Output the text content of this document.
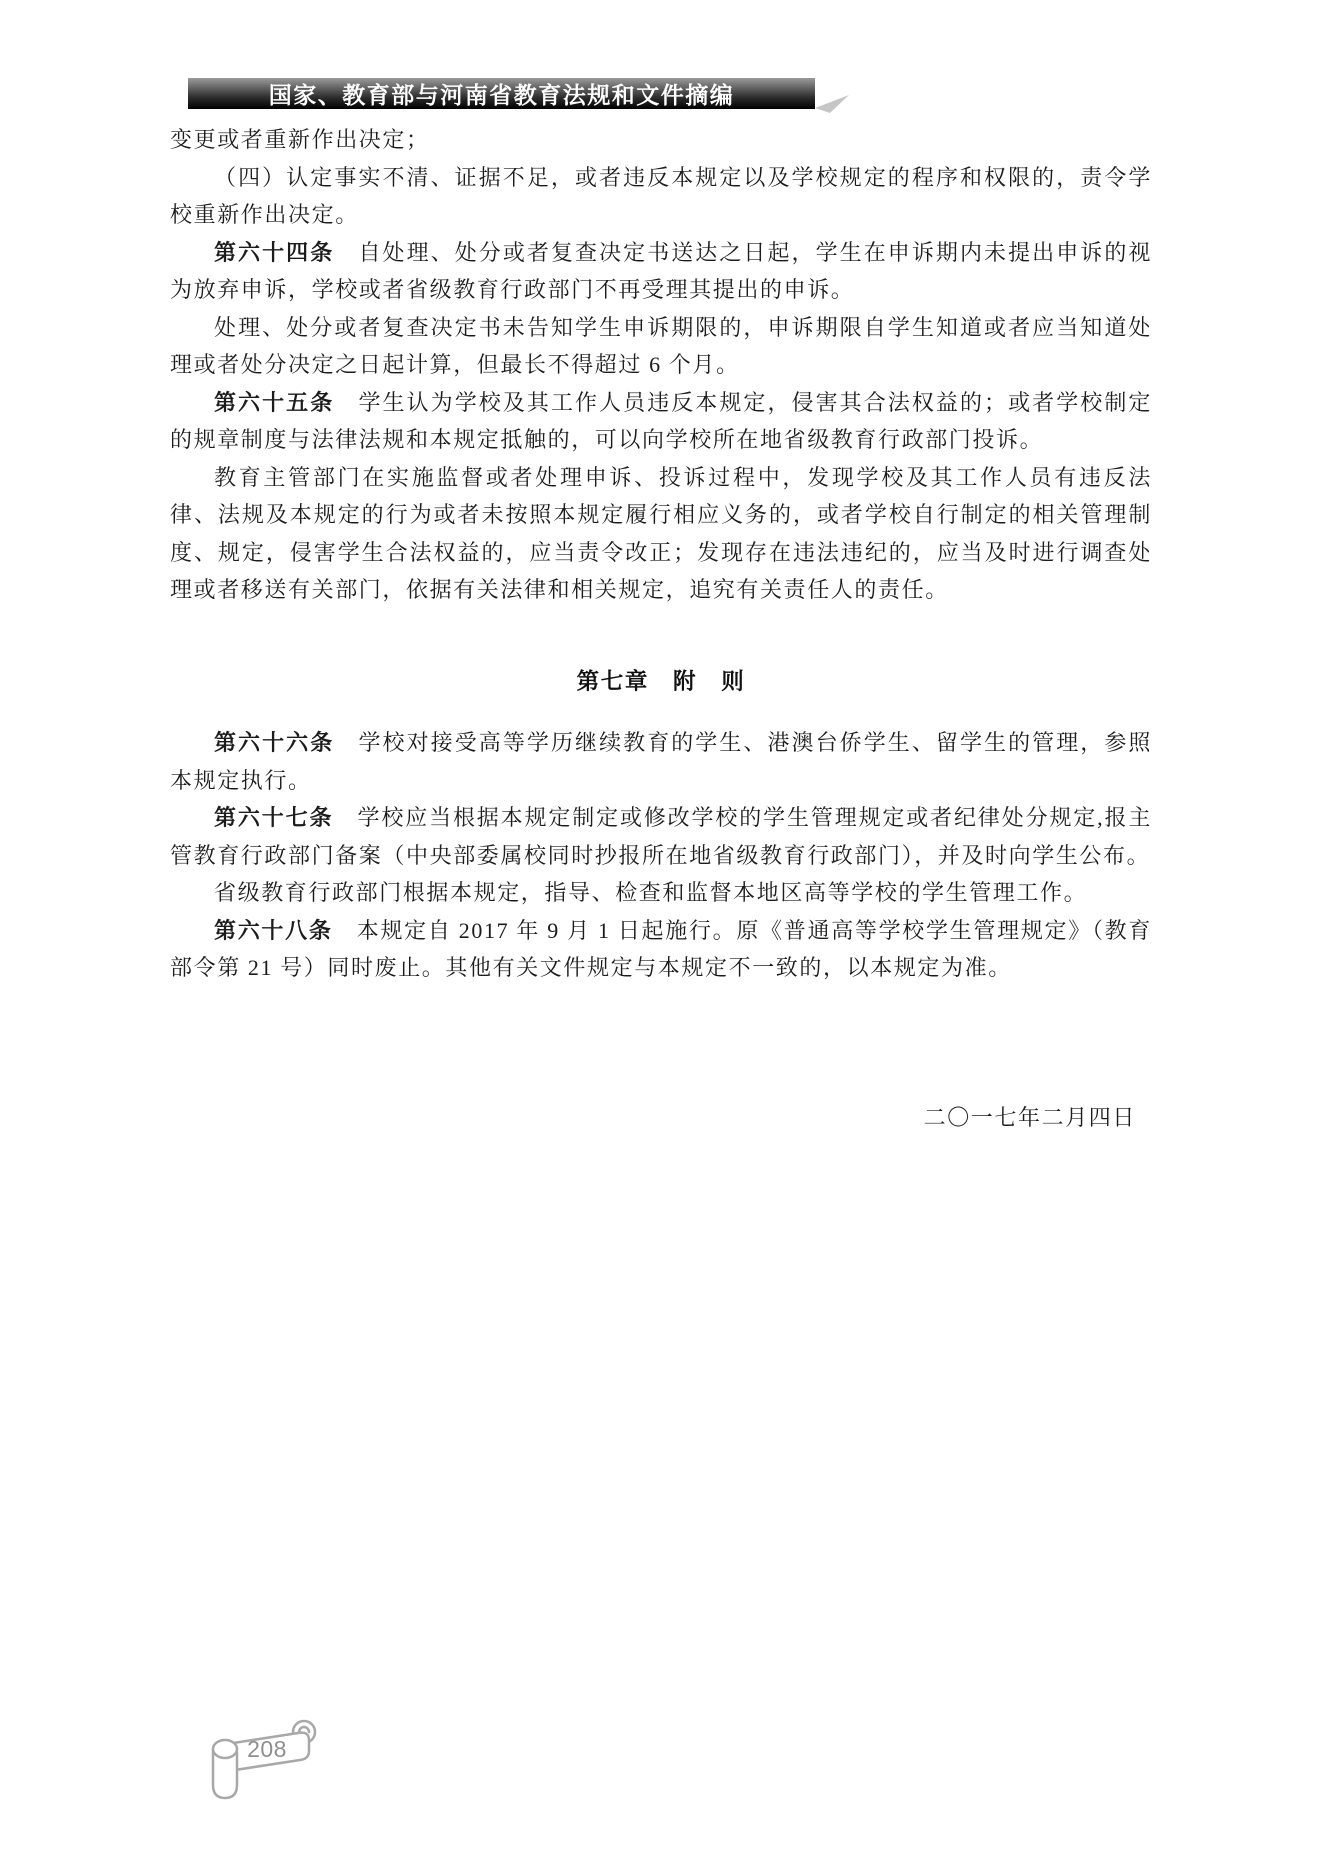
国家、教育部与河南省教育法规和文件摘编

变更或者重新作出决定；

（四）认定事实不清、证据不足，或者违反本规定以及学校规定的程序和权限的，责令学校重新作出决定。

第六十四条 自处理、处分或者复查决定书送达之日起，学生在申诉期内未提出申诉的视为放弃申诉，学校或者省级教育行政部门不再受理其提出的申诉。

处理、处分或者复查决定书未告知学生申诉期限的，申诉期限自学生知道或者应当知道处理或者处分决定之日起计算，但最长不得超过 6 个月。

第六十五条 学生认为学校及其工作人员违反本规定，侵害其合法权益的；或者学校制定的规章制度与法律法规和本规定抵触的，可以向学校所在地省级教育行政部门投诉。

教育主管部门在实施监督或者处理申诉、投诉过程中，发现学校及其工作人员有违反法律、法规及本规定的行为或者未按照本规定履行相应义务的，或者学校自行制定的相关管理制度、规定，侵害学生合法权益的，应当责令改正；发现存在违法违纪的，应当及时进行调查处理或者移送有关部门，依据有关法律和相关规定，追究有关责任人的责任。

第七章　附　则

第六十六条 学校对接受高等学历继续教育的学生、港澳台侨学生、留学生的管理，参照本规定执行。

第六十七条 学校应当根据本规定制定或修改学校的学生管理规定或者纪律处分规定,报主管教育行政部门备案（中央部委属校同时抄报所在地省级教育行政部门），并及时向学生公布。

省级教育行政部门根据本规定，指导、检查和监督本地区高等学校的学生管理工作。

第六十八条 本规定自 2017 年 9 月 1 日起施行。原《普通高等学校学生管理规定》（教育部令第 21 号）同时废止。其他有关文件规定与本规定不一致的，以本规定为准。

二〇一七年二月四日

208
